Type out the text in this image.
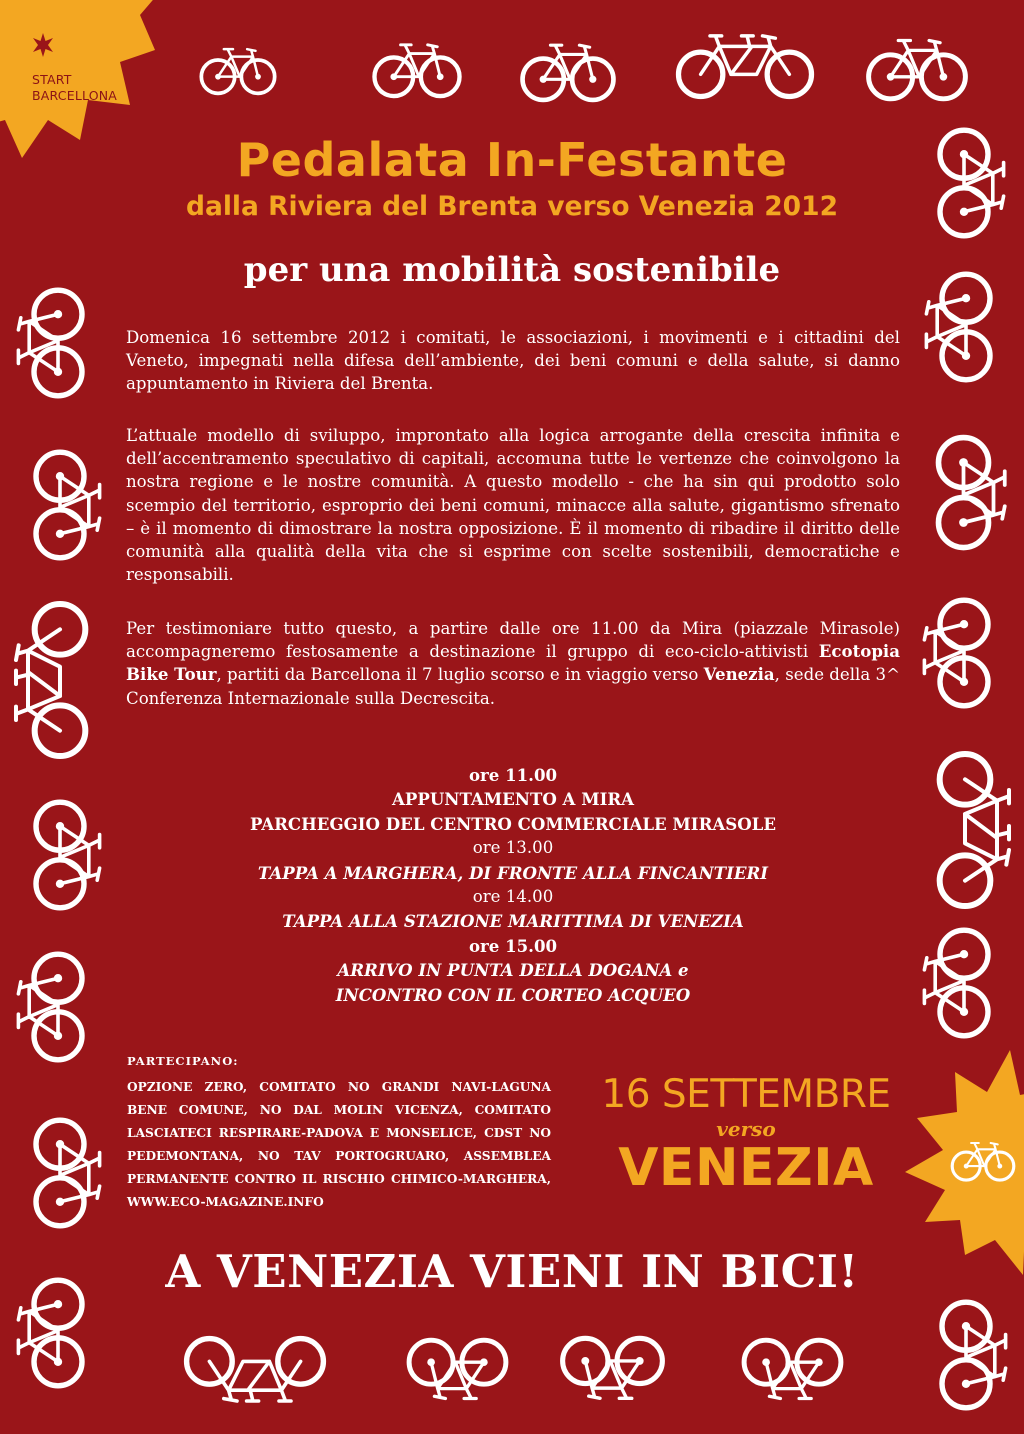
START
BARCELLONA
Pedalata In-Festante
dalla Riviera del Brenta verso Venezia 2012
per una mobilità sostenibile

Domenica 16 settembre 2012 i comitati, le associazioni, i movimenti e i cittadini del Veneto, impegnati nella difesa dell’ambiente, dei beni comuni e della salute, si danno appuntamento in Riviera del Brenta.

L’attuale modello di sviluppo, improntato alla logica arrogante della crescita infinita e dell’accentramento speculativo di capitali, accomuna tutte le vertenze che coinvolgono la nostra regione e le nostre comunità. A questo modello - che ha sin qui prodotto solo scempio del territorio, esproprio dei beni comuni, minacce alla salute, gigantismo sfrenato – è il momento di dimostrare la nostra opposizione. È il momento di ribadire il diritto delle comunità alla qualità della vita che si esprime con scelte sostenibili, democratiche e responsabili.

Per testimoniare tutto questo, a partire dalle ore 11.00 da Mira (piazzale Mirasole) accompagneremo festosamente a destinazione il gruppo di eco-ciclo-attivisti Ecotopia Bike Tour, partiti da Barcellona il 7 luglio scorso e in viaggio verso Venezia, sede della 3^ Conferenza Internazionale sulla Decrescita.

ore 11.00
APPUNTAMENTO A MIRA
PARCHEGGIO DEL CENTRO COMMERCIALE MIRASOLE
ore 13.00
TAPPA A MARGHERA, DI FRONTE ALLA FINCANTIERI
ore 14.00
TAPPA ALLA STAZIONE MARITTIMA DI VENEZIA
ore 15.00
ARRIVO IN PUNTA DELLA DOGANA e
INCONTRO CON IL CORTEO ACQUEO
PARTECIPANO:

OPZIONE ZERO, COMITATO NO GRANDI NAVI-LAGUNA BENE COMUNE, NO DAL MOLIN VICENZA, COMITATO LASCIATECI RESPIRARE-PADOVA E MONSELICE, CDST NO PEDEMONTANA, NO TAV PORTOGRUARO, ASSEMBLEA PERMANENTE CONTRO IL RISCHIO CHIMICO-MARGHERA, WWW.ECO-MAGAZINE.INFO

16 SETTEMBRE
verso
VENEZIA
A VENEZIA VIENI IN BICI!
